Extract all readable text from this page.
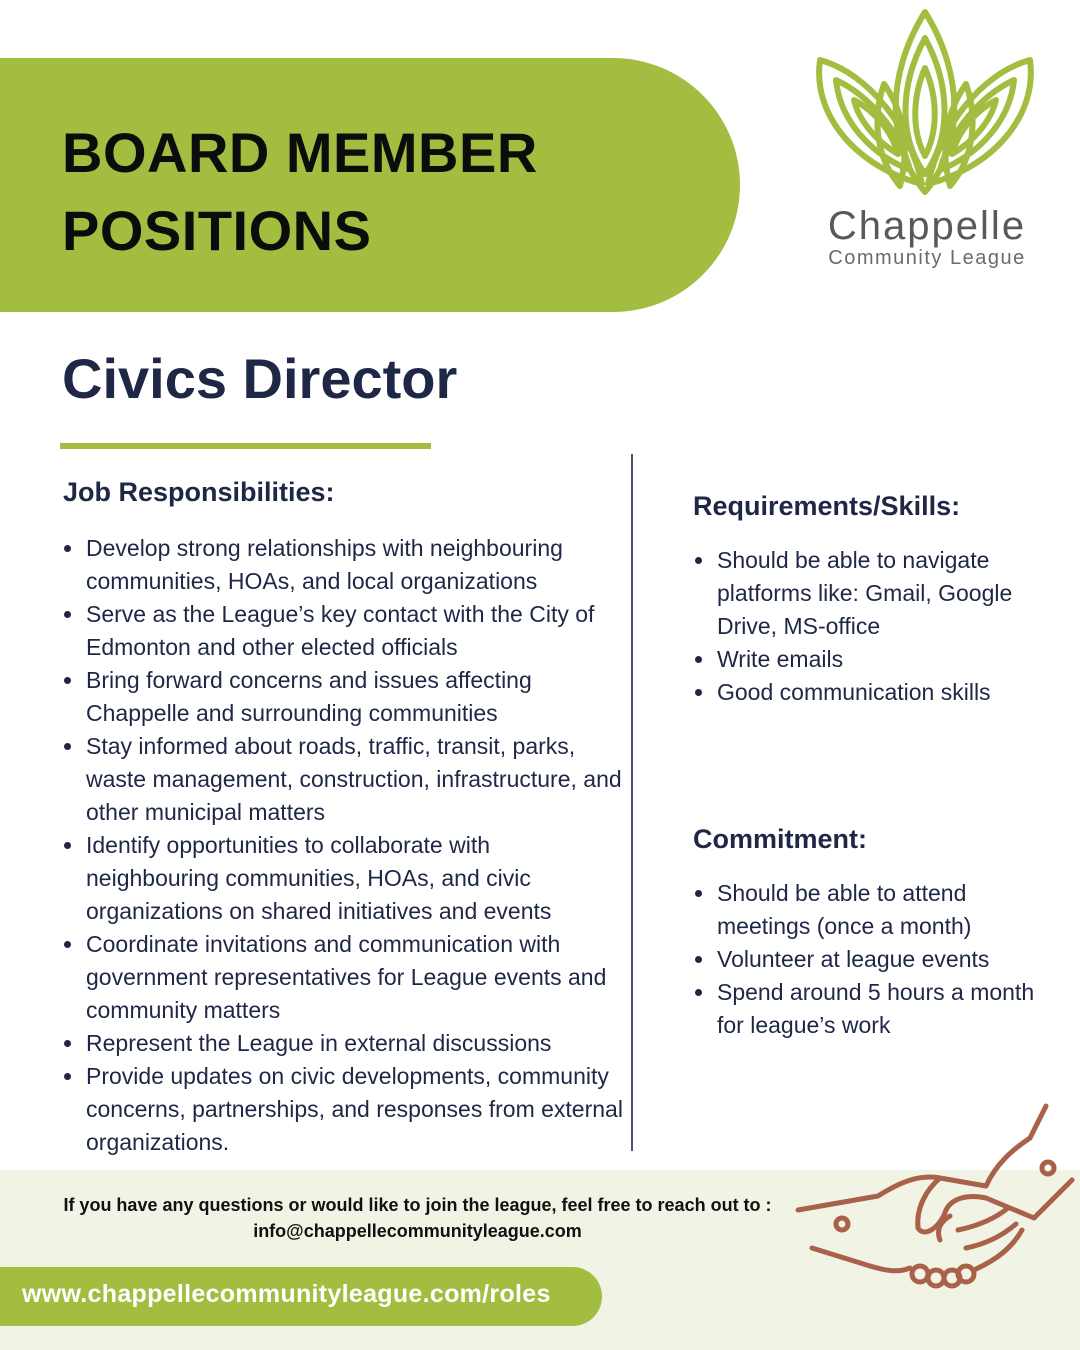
BOARD MEMBER
POSITIONS	Chappelle
Community League
Civics Director
Job Responsibilities:
Develop strong relationships with neighbouring communities, HOAs, and local organizations
Serve as the League’s key contact with the City of Edmonton and other elected officials
Bring forward concerns and issues affecting Chappelle and surrounding communities
Stay informed about roads, traffic, transit, parks, waste management, construction, infrastructure, and other municipal matters
Identify opportunities to collaborate with neighbouring communities, HOAs, and civic organizations on shared initiatives and events
Coordinate invitations and communication with government representatives for League events and community matters
Represent the League in external discussions
Provide updates on civic developments, community concerns, partnerships, and responses from external organizations.
Requirements/Skills:
Should be able to navigate platforms like: Gmail, Google Drive, MS-office
Write emails
Good communication skills
Commitment:
Should be able to attend meetings (once a month)
Volunteer at league events
Spend around 5 hours a month for league’s work
If you have any questions or would like to join the league, feel free to reach out to :
info@chappellecommunityleague.com
www.chappellecommunityleague.com/roles
